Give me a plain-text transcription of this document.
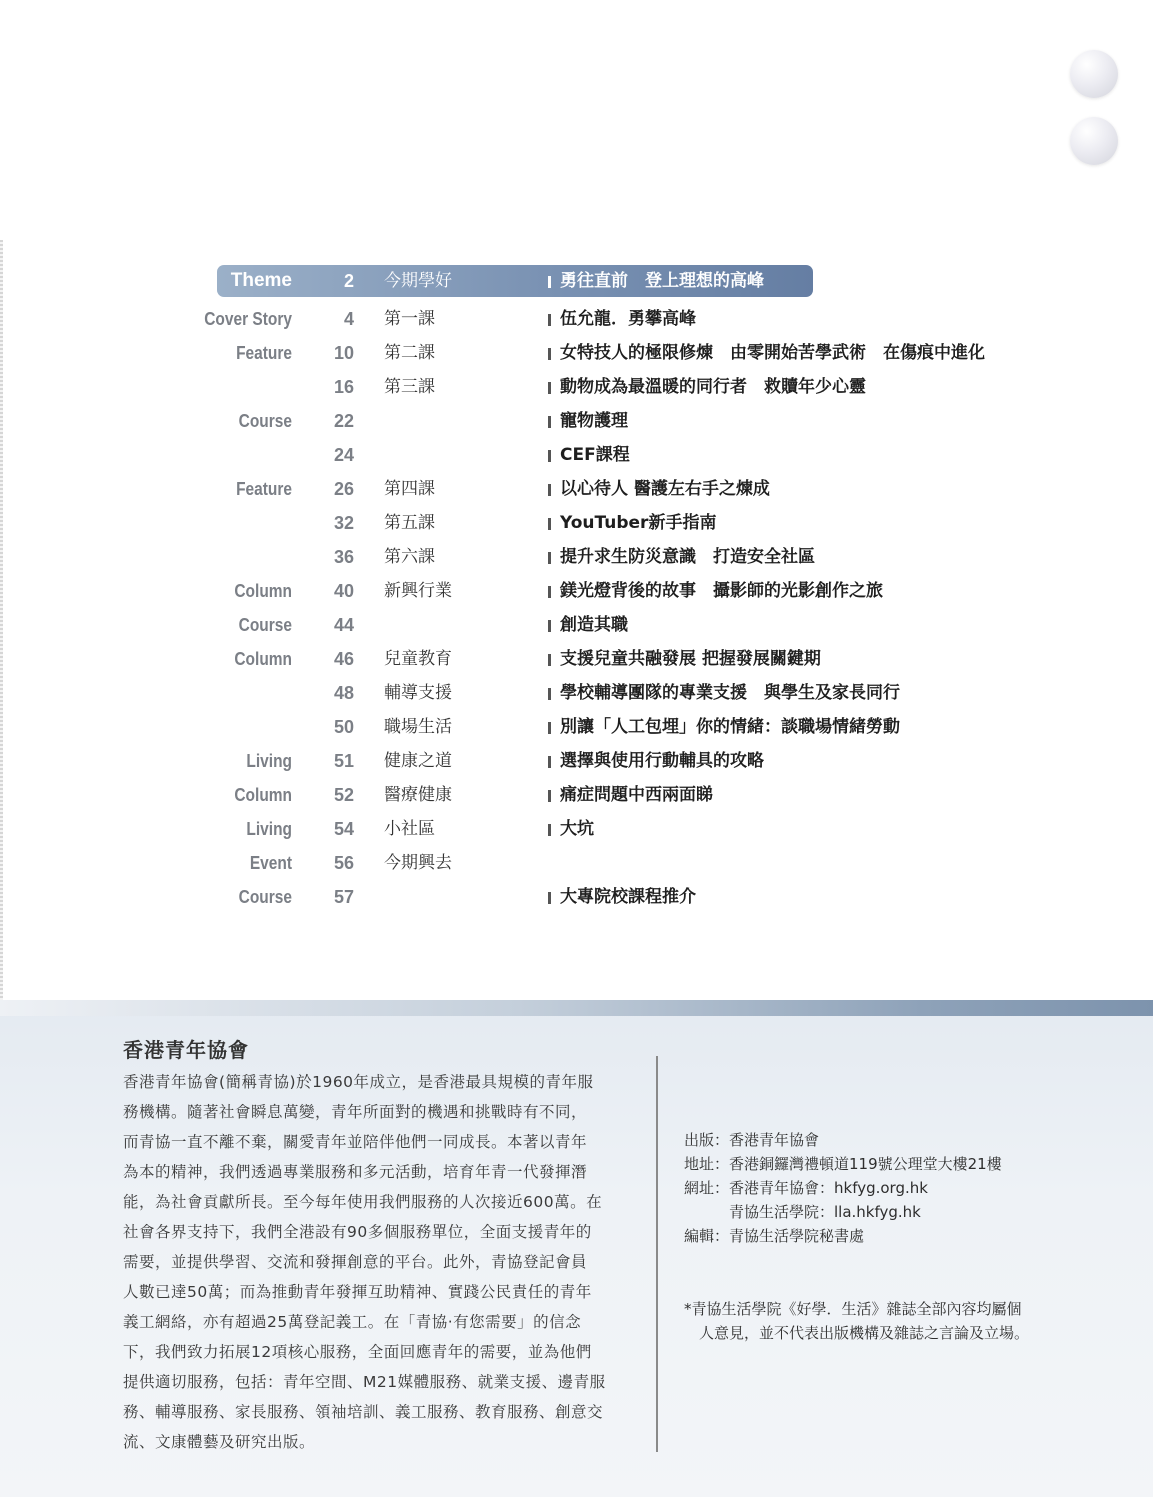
Theme	2 今期學好	勇往直前　登上理想的高峰
Cover Story	4 第一課	伍允龍．勇攀高峰
Feature	10 第二課	女特技人的極限修煉　由零開始苦學武術　在傷痕中進化
16 第三課	動物成為最溫暖的同行者　救贖年少心靈
Course	22	寵物護理
24	CEF課程
Feature	26 第四課	以心待人 醫護左右手之煉成
32 第五課	YouTuber新手指南
36 第六課	提升求生防災意識　打造安全社區
Column	40 新興行業	鎂光燈背後的故事　攝影師的光影創作之旅
Course	44	創造其職
Column	46 兒童教育	支援兒童共融發展 把握發展關鍵期
48 輔導支援	學校輔導團隊的專業支援　與學生及家長同行
50 職場生活	別讓「人工包埋」你的情緒：談職場情緒勞動
Living	51 健康之道	選擇與使用行動輔具的攻略
Column	52 醫療健康	痛症問題中西兩面睇
Living	54 小社區	大坑
Event	56 今期興去
Course	57	大專院校課程推介
香港青年協會
香港青年協會(簡稱青協)於1960年成立，是香港最具規模的青年服
務機構。隨著社會瞬息萬變，青年所面對的機遇和挑戰時有不同，
而青協一直不離不棄，關愛青年並陪伴他們一同成長。本著以青年
為本的精神，我們透過專業服務和多元活動，培育年青一代發揮潛
能，為社會貢獻所長。至今每年使用我們服務的人次接近600萬。在
社會各界支持下，我們全港設有90多個服務單位，全面支援青年的
需要，並提供學習、交流和發揮創意的平台。此外，青協登記會員
人數已達50萬；而為推動青年發揮互助精神、實踐公民責任的青年
義工網絡，亦有超過25萬登記義工。在「青協‧有您需要」的信念
下，我們致力拓展12項核心服務，全面回應青年的需要，並為他們
提供適切服務，包括：青年空間、M21媒體服務、就業支援、邊青服
務、輔導服務、家長服務、領袖培訓、義工服務、教育服務、創意交
流、文康體藝及研究出版。
出版：香港青年協會
地址：香港銅鑼灣禮頓道119號公理堂大樓21樓
網址：香港青年協會：hkfyg.org.hk
　　　青協生活學院：lla.hkfyg.hk
編輯：青協生活學院秘書處
*青協生活學院《好學．生活》雜誌全部內容均屬個
　人意見，並不代表出版機構及雜誌之言論及立場。
